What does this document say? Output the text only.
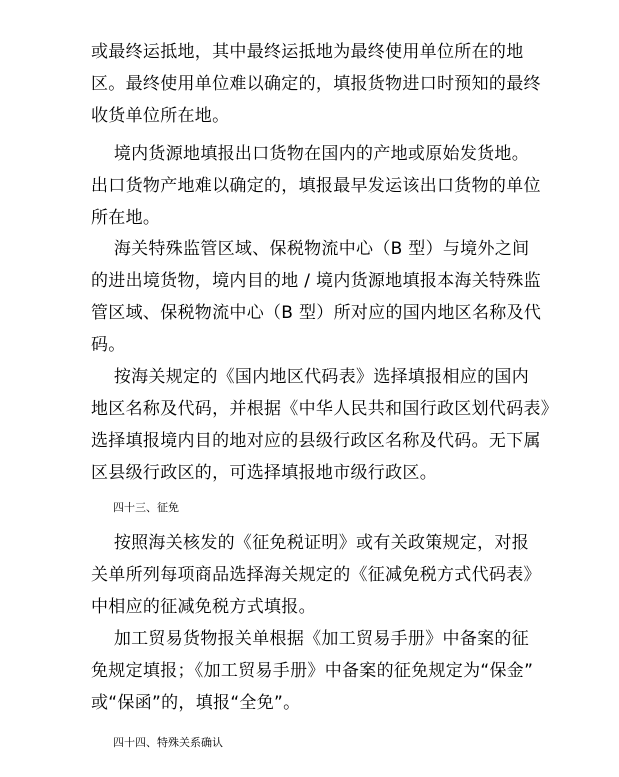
或最终运抵地，其中最终运抵地为最终使用单位所在的地
区。最终使用单位难以确定的，填报货物进口时预知的最终
收货单位所在地。
境内货源地填报出口货物在国内的产地或原始发货地。
出口货物产地难以确定的，填报最早发运该出口货物的单位
所在地。
海关特殊监管区域、保税物流中心（B 型）与境外之间
的进出境货物，境内目的地 / 境内货源地填报本海关特殊监
管区域、保税物流中心（B 型）所对应的国内地区名称及代
码。
按海关规定的《国内地区代码表》选择填报相应的国内
地区名称及代码，并根据《中华人民共和国行政区划代码表》
选择填报境内目的地对应的县级行政区名称及代码。无下属
区县级行政区的，可选择填报地市级行政区。
四十三、征免
按照海关核发的《征免税证明》或有关政策规定，对报
关单所列每项商品选择海关规定的《征减免税方式代码表》
中相应的征减免税方式填报。
加工贸易货物报关单根据《加工贸易手册》中备案的征
免规定填报；《加工贸易手册》中备案的征免规定为“保金”
或“保函”的，填报“全免”。
四十四、特殊关系确认
